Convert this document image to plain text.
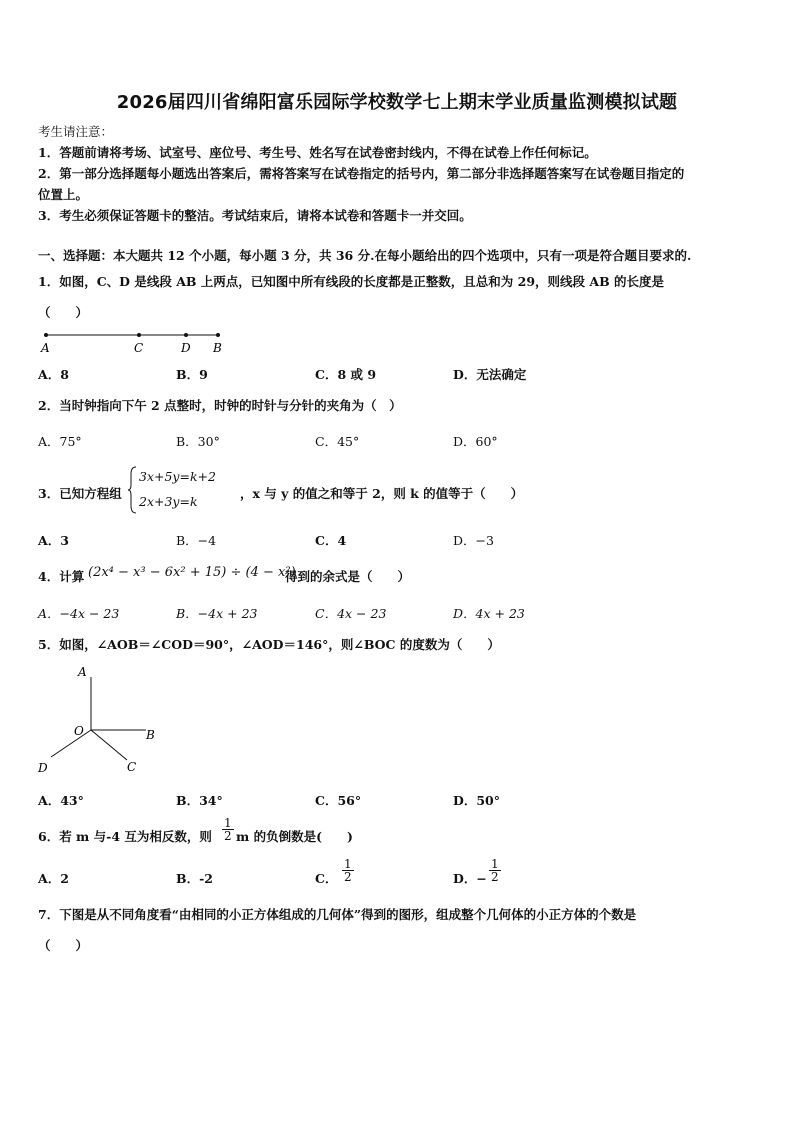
2026届四川省绵阳富乐园际学校数学七上期末学业质量监测模拟试题
考生请注意：
1．答题前请将考场、试室号、座位号、考生号、姓名写在试卷密封线内，不得在试卷上作任何标记。
2．第一部分选择题每小题选出答案后，需将答案写在试卷指定的括号内，第二部分非选择题答案写在试卷题目指定的
位置上。
3．考生必须保证答题卡的整洁。考试结束后，请将本试卷和答题卡一并交回。
一、选择题：本大题共 12 个小题，每小题 3 分，共 36 分.在每小题给出的四个选项中，只有一项是符合题目要求的.
1．如图，C、D 是线段 AB 上两点，已知图中所有线段的长度都是正整数，且总和为 29，则线段 AB 的长度是
（　　）
A	C	D B
A．8	B．9	C．8 或 9	D．无法确定
2．当时钟指向下午 2 点整时，时钟的时针与分针的夹角为（　）
A．75°	B．30°	C．45°	D．60°
3．已知方程组
3x+5y=k+2
2x+3y=k
，x 与 y 的值之和等于 2，则 k 的值等于（　　）
A．3	B．−4	C．4	D．−3
4．计算 (2x⁴ − x³ − 6x² + 15) ÷ (4 − x²)
得到的余式是（　　）
A．−4x − 23	B．−4x + 23	C．4x − 23	D．4x + 23
5．如图，∠AOB＝∠COD＝90°，∠AOD＝146°，则∠BOC 的度数为（　　）
A
O	B
D	C
A．43°	B．34°	C．56°	D．50°
6．若 m 与-4 互为相反数，则 $\frac{1}{2}$ m 的负倒数是(　　)
A．2	B．-2	C． $\frac{1}{2}$	D．− $\frac{1}{2}$
7．下图是从不同角度看“由相同的小正方体组成的几何体”得到的图形，组成整个几何体的小正方体的个数是
（　　）
